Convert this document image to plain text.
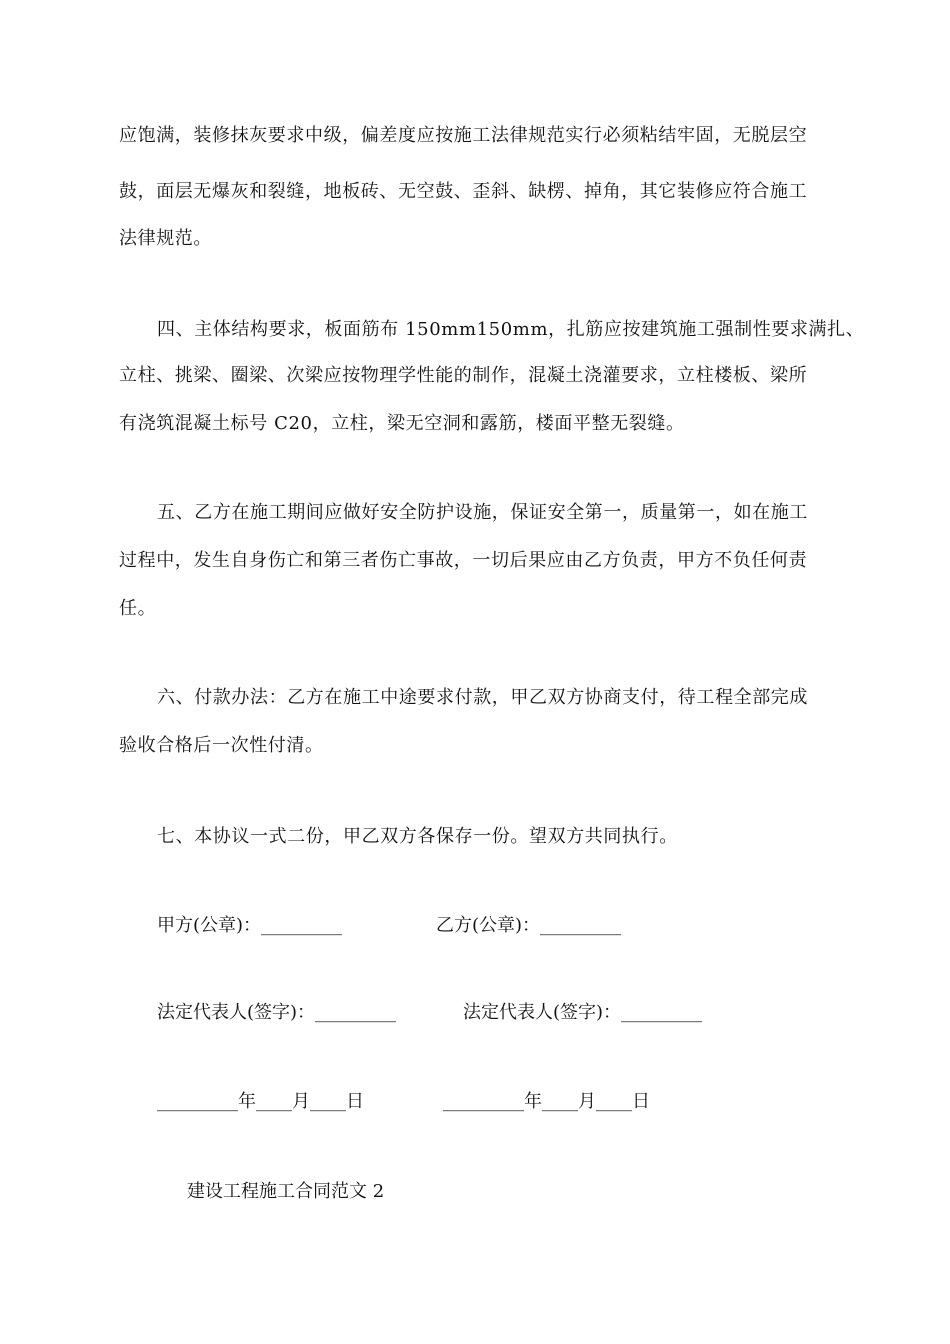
应饱满，装修抹灰要求中级，偏差度应按施工法律规范实行必须粘结牢固，无脱层空
鼓，面层无爆灰和裂缝，地板砖、无空鼓、歪斜、缺楞、掉角，其它装修应符合施工
法律规范。
四、主体结构要求，板面筋布 150mm150mm，扎筋应按建筑施工强制性要求满扎、
立柱、挑梁、圈梁、次梁应按物理学性能的制作，混凝土浇灌要求，立柱楼板、梁所
有浇筑混凝土标号 C20，立柱，梁无空洞和露筋，楼面平整无裂缝。
五、乙方在施工期间应做好安全防护设施，保证安全第一，质量第一，如在施工
过程中，发生自身伤亡和第三者伤亡事故，一切后果应由乙方负责，甲方不负任何责
任。
六、付款办法：乙方在施工中途要求付款，甲乙双方协商支付，待工程全部完成
验收合格后一次性付清。
七、本协议一式二份，甲乙双方各保存一份。望双方共同执行。
甲方(公章)：_________	乙方(公章)：_________
法定代表人(签字)：_________	法定代表人(签字)：_________
_________年____月____日	_________年____月____日
建设工程施工合同范文 2
